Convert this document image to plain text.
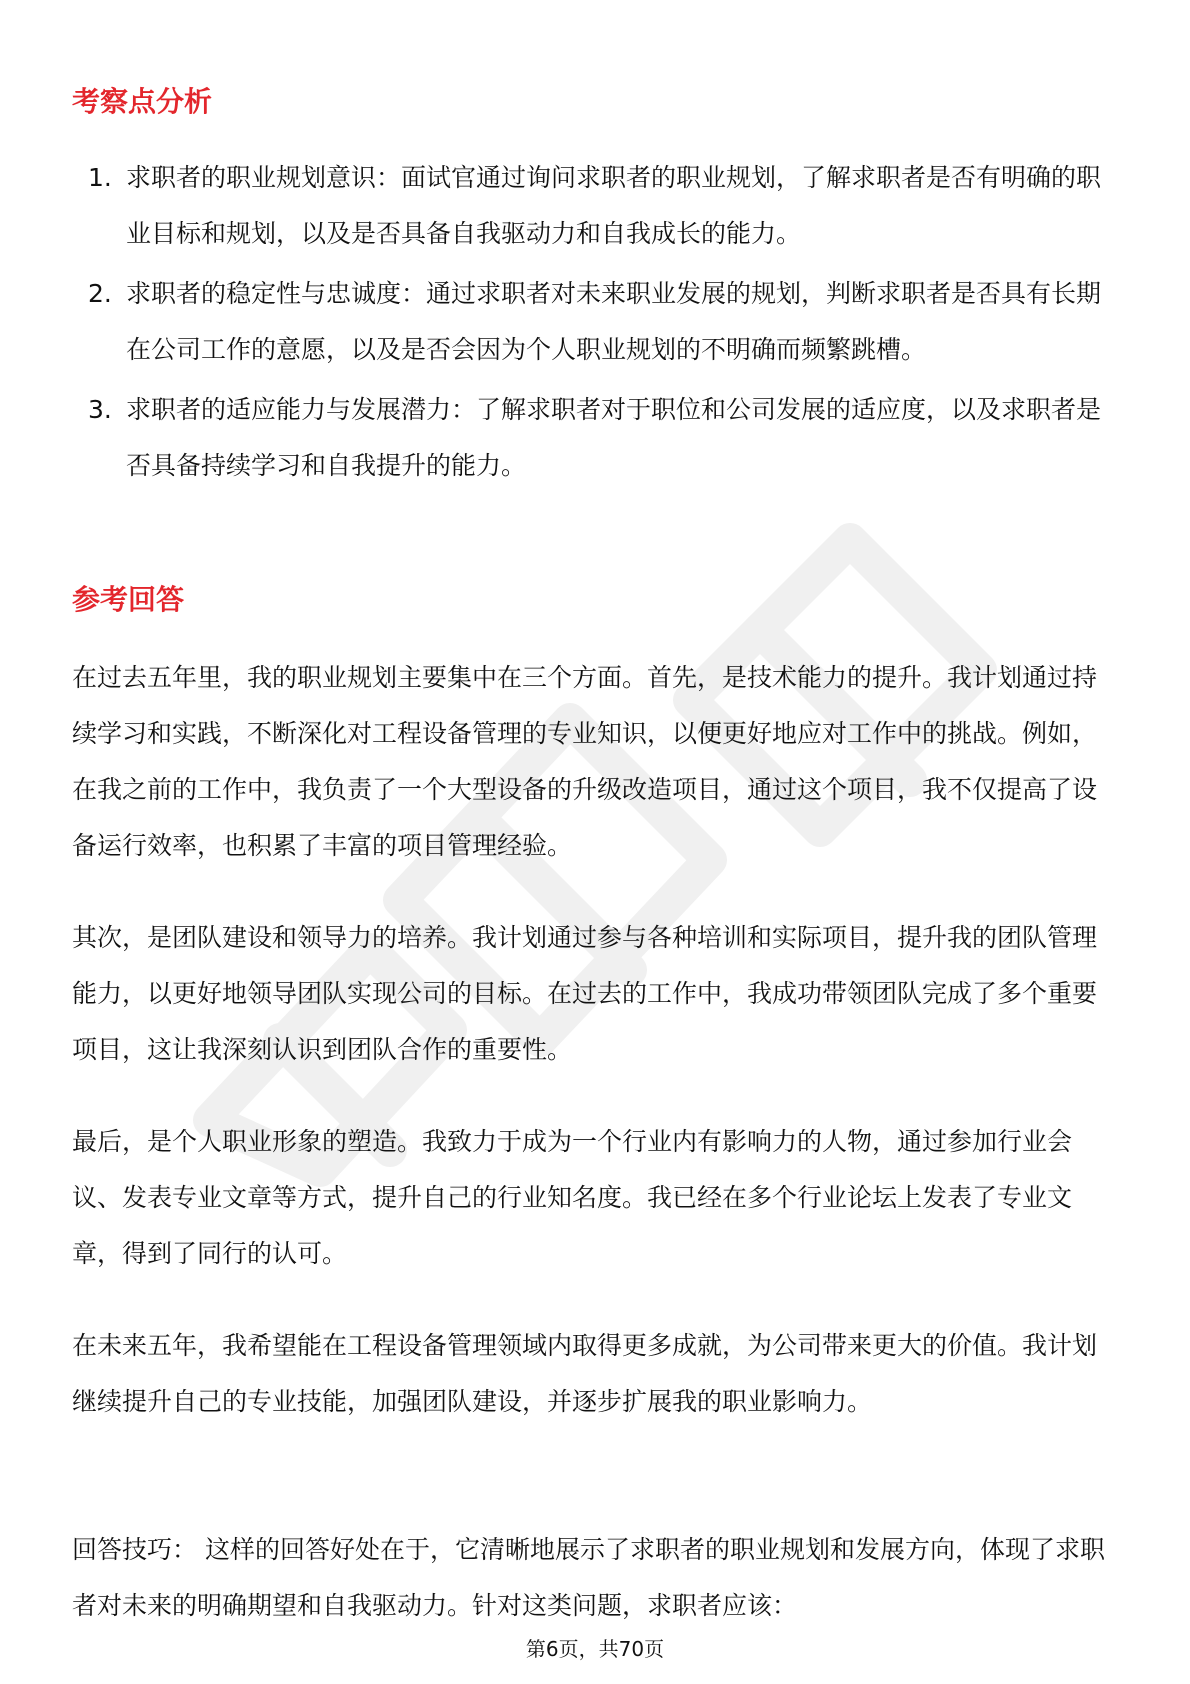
考察点分析
1. 求职者的职业规划意识：面试官通过询问求职者的职业规划，了解求职者是否有明确的职业目标和规划，以及是否具备自我驱动力和自我成长的能力。
2. 求职者的稳定性与忠诚度：通过求职者对未来职业发展的规划，判断求职者是否具有长期在公司工作的意愿，以及是否会因为个人职业规划的不明确而频繁跳槽。
3. 求职者的适应能力与发展潜力：了解求职者对于职位和公司发展的适应度，以及求职者是否具备持续学习和自我提升的能力。
参考回答

在过去五年里，我的职业规划主要集中在三个方面。首先，是技术能力的提升。我计划通过持续学习和实践，不断深化对工程设备管理的专业知识，以便更好地应对工作中的挑战。例如，在我之前的工作中，我负责了一个大型设备的升级改造项目，通过这个项目，我不仅提高了设备运行效率，也积累了丰富的项目管理经验。

其次，是团队建设和领导力的培养。我计划通过参与各种培训和实际项目，提升我的团队管理能力，以更好地领导团队实现公司的目标。在过去的工作中，我成功带领团队完成了多个重要项目，这让我深刻认识到团队合作的重要性。

最后，是个人职业形象的塑造。我致力于成为一个行业内有影响力的人物，通过参加行业会议、发表专业文章等方式，提升自己的行业知名度。我已经在多个行业论坛上发表了专业文章，得到了同行的认可。

在未来五年，我希望能在工程设备管理领域内取得更多成就，为公司带来更大的价值。我计划继续提升自己的专业技能，加强团队建设，并逐步扩展我的职业影响力。

回答技巧： 这样的回答好处在于，它清晰地展示了求职者的职业规划和发展方向，体现了求职者对未来的明确期望和自我驱动力。针对这类问题，求职者应该：

第6页，共70页
